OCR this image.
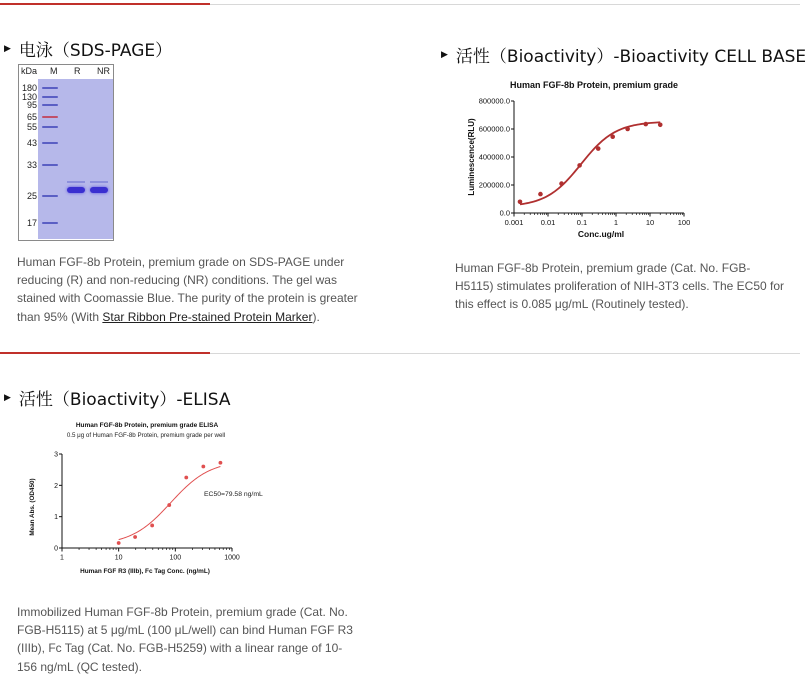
▶ 电泳（SDS-PAGE）
kDa M R NR
180
130
95
65
55
43
33
25
17
Human FGF-8b Protein, premium grade on SDS-PAGE under reducing (R) and non-reducing (NR) conditions. The gel was stained with Coomassie Blue. The purity of the protein is greater than 95% (With Star Ribbon Pre-stained Protein Marker).
▶ 活性（Bioactivity）-Bioactivity CELL BASE
Human FGF-8b Protein, premium grade
Luminescence(RLU)
Conc.ug/ml
0.0
200000.0
400000.0
600000.0
800000.0
0.001 0.01	0.1	1	10	100
Human FGF-8b Protein, premium grade (Cat. No. FGB-H5115) stimulates proliferation of NIH-3T3 cells. The EC50 for this effect is 0.085 μg/mL (Routinely tested).
▶ 活性（Bioactivity）-ELISA
Human FGF-8b Protein, premium grade ELISA
0.5 μg of Human FGF-8b Protein, premium grade per well
Mean Abs. (OD450)
Human FGF R3 (IIIb), Fc Tag Conc. (ng/mL)
EC50=79.58 ng/mL
0
1
2
3
1	10	100	1000
Immobilized Human FGF-8b Protein, premium grade (Cat. No. FGB-H5115) at 5 μg/mL (100 μL/well) can bind Human FGF R3 (IIIb), Fc Tag (Cat. No. FGB-H5259) with a linear range of 10-156 ng/mL (QC tested).
